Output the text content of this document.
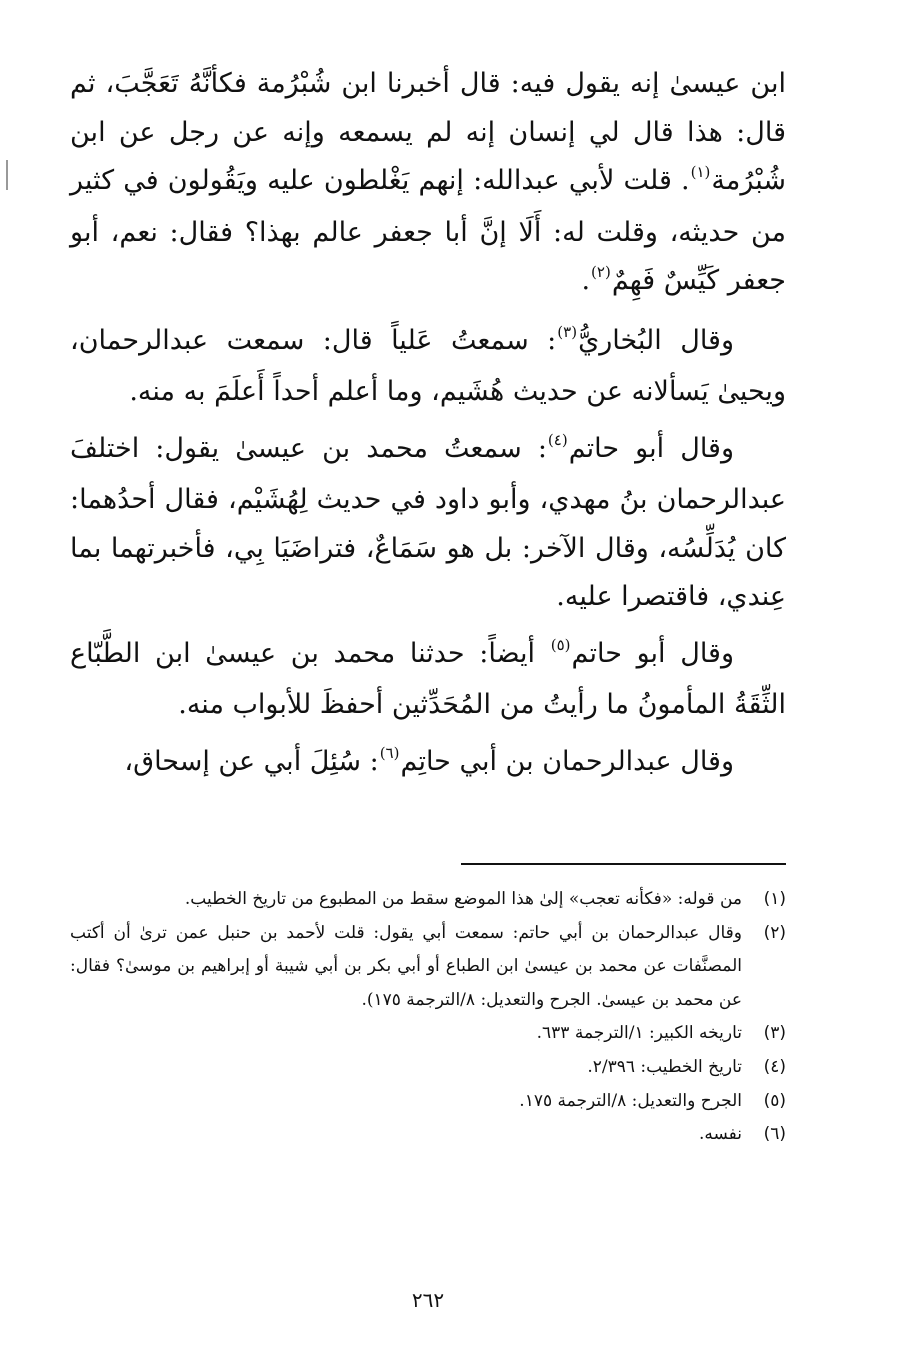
ابن عيسىٰ إنه يقول فيه: قال أخبرنا ابن شُبْرُمة فكأنَّهُ تَعَجَّبَ، ثم قال: هذا قال لي إنسان إنه لم يسمعه وإنه عن رجل عن ابن شُبْرُمة$^{(١)}$. قلت لأبي عبدالله: إنهم يَغْلطون عليه ويَقُولون في كثير من حديثه، وقلت له: أَلَا إنَّ أبا جعفر عالم بهذا؟ فقال: نعم، أبو جعفر كَيِّسٌ فَهِمٌ$^{(٢)}$.

وقال البُخاريُّ$^{(٣)}$: سمعتُ عَلياً قال: سمعت عبدالرحمان، ويحيىٰ يَسألانه عن حديث هُشَيم، وما أعلم أحداً أَعلَمَ به منه.

وقال أبو حاتم$^{(٤)}$: سمعتُ محمد بن عيسىٰ يقول: اختلفَ عبدالرحمان بنُ مهدي، وأبو داود في حديث لِهُشَيْم، فقال أحدُهما: كان يُدَلِّسُه، وقال الآخر: بل هو سَمَاعٌ، فتراضَيَا بِي، فأخبرتهما بما عِندي، فاقتصرا عليه.

وقال أبو حاتم$^{(٥)}$ أيضاً: حدثنا محمد بن عيسىٰ ابن الطَّبّاع الثِّقَةُ المأمونُ ما رأيتُ من المُحَدِّثين أحفظَ للأبواب منه.

وقال عبدالرحمان بن أبي حاتِم$^{(٦)}$: سُئِلَ أبي عن إسحاق،

(١)
من قوله: «فكأنه تعجب» إلىٰ هذا الموضع سقط من المطبوع من تاريخ الخطيب.
(٢)
وقال عبدالرحمان بن أبي حاتم: سمعت أبي يقول: قلت لأحمد بن حنبل عمن ترىٰ أن أكتب المصنَّفات عن محمد بن عيسىٰ ابن الطباع أو أبي بكر بن أبي شيبة أو إبراهيم بن موسىٰ؟ فقال: عن محمد بن عيسىٰ. الجرح والتعديل: ٨/الترجمة ١٧٥).
(٣)
تاريخه الكبير: ١/الترجمة ٦٣٣.
(٤)
تاريخ الخطيب: ٢/٣٩٦.
(٥)
الجرح والتعديل: ٨/الترجمة ١٧٥.
(٦)
نفسه.
٢٦٢
